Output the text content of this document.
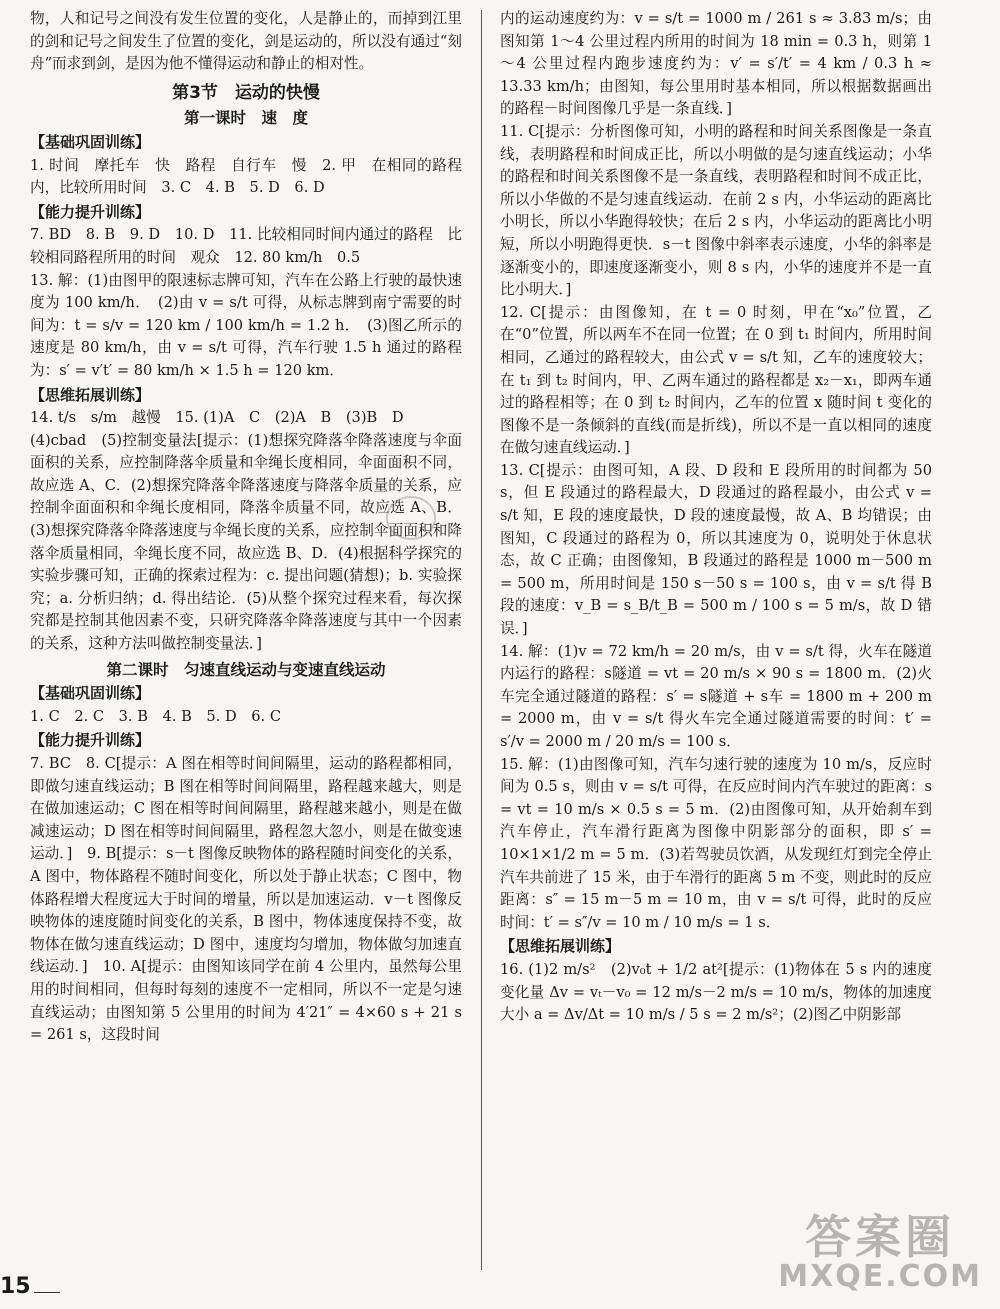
物，人和记号之间没有发生位置的变化，人是静止的，而掉到江里的剑和记号之间发生了位置的变化，剑是运动的，所以没有通过“刻舟”而求到剑，是因为他不懂得运动和静止的相对性。

第3节　运动的快慢
第一课时　速　度
【基础巩固训练】

1. 时间　摩托车　快　路程　自行车　慢　2. 甲　在相同的路程内，比较所用时间　3. C　4. B　5. D　6. D

【能力提升训练】

7. BD　8. B　9. D　10. D　11. 比较相同时间内通过的路程　比较相同路程所用的时间　观众　12. 80 km/h　0.5

13. 解：(1)由图甲的限速标志牌可知，汽车在公路上行驶的最快速度为 100 km/h．　(2)由 v = s/t 可得，从标志牌到南宁需要的时间为：t = s/v = 120 km / 100 km/h = 1.2 h．　(3)图乙所示的速度是 80 km/h，由 v = s/t 可得，汽车行驶 1.5 h 通过的路程为：s′ = v′t′ = 80 km/h × 1.5 h = 120 km．

【思维拓展训练】

14. t/s　s/m　越慢　15. (1)A　C　(2)A　B　(3)B　D

(4)cbad　(5)控制变量法[提示：(1)想探究降落伞降落速度与伞面面积的关系，应控制降落伞质量和伞绳长度相同，伞面面积不同，故应选 A、C．(2)想探究降落伞降落速度与降落伞质量的关系，应控制伞面面积和伞绳长度相同，降落伞质量不同，故应选 A、B．(3)想探究降落伞降落速度与伞绳长度的关系，应控制伞面面积和降落伞质量相同，伞绳长度不同，故应选 B、D．(4)根据科学探究的实验步骤可知，正确的探索过程为：c. 提出问题(猜想)；b. 实验探究；a. 分析归纳；d. 得出结论．(5)从整个探究过程来看，每次探究都是控制其他因素不变，只研究降落伞降落速度与其中一个因素的关系，这种方法叫做控制变量法．]

第二课时　匀速直线运动与变速直线运动
【基础巩固训练】

1. C　2. C　3. B　4. B　5. D　6. C

【能力提升训练】

7. BC　8. C[提示：A 图在相等时间间隔里，运动的路程都相同，即做匀速直线运动；B 图在相等时间间隔里，路程越来越大，则是在做加速运动；C 图在相等时间间隔里，路程越来越小，则是在做减速运动；D 图在相等时间间隔里，路程忽大忽小，则是在做变速运动．]　9. B[提示：s－t 图像反映物体的路程随时间变化的关系，A 图中，物体路程不随时间变化，所以处于静止状态；C 图中，物体路程增大程度远大于时间的增量，所以是加速运动．v－t 图像反映物体的速度随时间变化的关系，B 图中，物体速度保持不变，故物体在做匀速直线运动；D 图中，速度均匀增加，物体做匀加速直线运动．]　10. A[提示：由图知该同学在前 4 公里内，虽然每公里用的时间相同，但每时每刻的速度不一定相同，所以不一定是匀速直线运动；由图知第 5 公里用的时间为 4′21″ = 4×60 s + 21 s = 261 s，这段时间

内的运动速度约为：v = s/t = 1000 m / 261 s ≈ 3.83 m/s；由图知第 1～4 公里过程内所用的时间为 18 min = 0.3 h，则第 1～4 公里过程内跑步速度约为：v′ = s′/t′ = 4 km / 0.3 h ≈ 13.33 km/h；由图知，每公里用时基本相同，所以根据数据画出的路程－时间图像几乎是一条直线．]

11. C[提示：分析图像可知，小明的路程和时间关系图像是一条直线，表明路程和时间成正比，所以小明做的是匀速直线运动；小华的路程和时间关系图像不是一条直线，表明路程和时间不成正比，所以小华做的不是匀速直线运动．在前 2 s 内，小华运动的距离比小明长，所以小华跑得较快；在后 2 s 内，小华运动的距离比小明短，所以小明跑得更快．s－t 图像中斜率表示速度，小华的斜率是逐渐变小的，即速度逐渐变小，则 8 s 内，小华的速度并不是一直比小明大．]

12. C[提示：由图像知，在 t = 0 时刻，甲在“x₀”位置，乙在“0”位置，所以两车不在同一位置；在 0 到 t₁ 时间内，所用时间相同，乙通过的路程较大，由公式 v = s/t 知，乙车的速度较大；在 t₁ 到 t₂ 时间内，甲、乙两车通过的路程都是 x₂－x₁，即两车通过的路程相等；在 0 到 t₂ 时间内，乙车的位置 x 随时间 t 变化的图像不是一条倾斜的直线(而是折线)，所以不是一直以相同的速度在做匀速直线运动．]

13. C[提示：由图可知，A 段、D 段和 E 段所用的时间都为 50 s，但 E 段通过的路程最大，D 段通过的路程最小，由公式 v = s/t 知，E 段的速度最快，D 段的速度最慢，故 A、B 均错误；由图知，C 段通过的路程为 0，所以其速度为 0，说明处于休息状态，故 C 正确；由图像知，B 段通过的路程是 1000 m－500 m = 500 m，所用时间是 150 s－50 s = 100 s，由 v = s/t 得 B 段的速度：v_B = s_B/t_B = 500 m / 100 s = 5 m/s，故 D 错误．]

14. 解：(1)v = 72 km/h = 20 m/s，由 v = s/t 得，火车在隧道内运行的路程：s隧道 = vt = 20 m/s × 90 s = 1800 m．(2)火车完全通过隧道的路程：s′ = s隧道 + s车 = 1800 m + 200 m = 2000 m，由 v = s/t 得火车完全通过隧道需要的时间：t′ = s′/v = 2000 m / 20 m/s = 100 s．

15. 解：(1)由图像可知，汽车匀速行驶的速度为 10 m/s，反应时间为 0.5 s，则由 v = s/t 可得，在反应时间内汽车驶过的距离：s = vt = 10 m/s × 0.5 s = 5 m．(2)由图像可知，从开始刹车到汽车停止，汽车滑行距离为图像中阴影部分的面积，即 s′ = 10×1×1/2 m = 5 m．(3)若驾驶员饮酒，从发现红灯到完全停止汽车共前进了 15 米，由于车滑行的距离 5 m 不变，则此时的反应距离：s″ = 15 m－5 m = 10 m，由 v = s/t 可得，此时的反应时间：t′ = s″/v = 10 m / 10 m/s = 1 s．

【思维拓展训练】

16. (1)2 m/s²　(2)v₀t + 1/2 at²[提示：(1)物体在 5 s 内的速度变化量 Δv = vₜ－v₀ = 12 m/s－2 m/s = 10 m/s，物体的加速度大小 a = Δv/Δt = 10 m/s / 5 s = 2 m/s²；(2)图乙中阴影部

15
答案圈
MXQE.COM
